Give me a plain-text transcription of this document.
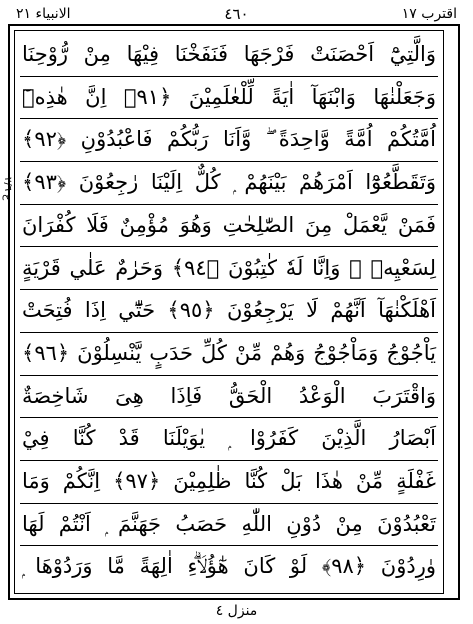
اقترب ١٧
٤٦٠
الانبياء ٢١
ع ٢/٦
وَالَّتِيْٓ اَحْصَنَتْ فَرْجَهَا فَنَفَخْنَا فِيْهَا مِنْ رُّوْحِنَا
وَجَعَلْنٰهَا وَابْنَهَآ اٰيَةً لِّلْعٰلَمِيْنَ ﴿٩١﴾ اِنَّ هٰذِهٖٓ
اُمَّتُكُمْ اُمَّةً وَّاحِدَةً ۖ وَّاَنَا رَبُّكُمْ فَاعْبُدُوْنِ ﴿٩٢﴾
وَتَقَطَّعُوْٓا اَمْرَهُمْ بَيْنَهُمْ ۭ كُلٌّ اِلَيْنَا رٰجِعُوْنَ ﴿٩٣﴾
فَمَنْ يَّعْمَلْ مِنَ الصّٰلِحٰتِ وَهُوَ مُؤْمِنٌ فَلَا كُفْرَانَ
لِسَعْيِهٖ ۚ وَاِنَّا لَهٗ كٰتِبُوْنَ ﴿٩٤﴾ وَحَرٰمٌ عَلٰي قَرْيَةٍ
اَهْلَكْنٰهَآ اَنَّهُمْ لَا يَرْجِعُوْنَ ﴿٩٥﴾ حَتّٰٓي اِذَا فُتِحَتْ
يَاْجُوْجُ وَمَاْجُوْجُ وَهُمْ مِّنْ كُلِّ حَدَبٍ يَّنْسِلُوْنَ ﴿٩٦﴾
وَاقْتَرَبَ الْوَعْدُ الْحَقُّ فَاِذَا هِىَ شَاخِصَةٌ
اَبْصَارُ الَّذِيْنَ كَفَرُوْا ۭ يٰوَيْلَنَا قَدْ كُنَّا فِيْ
غَفْلَةٍ مِّنْ هٰذَا بَلْ كُنَّا ظٰلِمِيْنَ ﴿٩٧﴾ اِنَّكُمْ وَمَا
تَعْبُدُوْنَ مِنْ دُوْنِ اللّٰهِ حَصَبُ جَهَنَّمَ ۭ اَنْتُمْ لَهَا
وٰرِدُوْنَ ﴿٩٨﴾ لَوْ كَانَ هٰٓؤُلَاۗءِ اٰلِهَةً مَّا وَرَدُوْهَا ۭ
منزل ٤
